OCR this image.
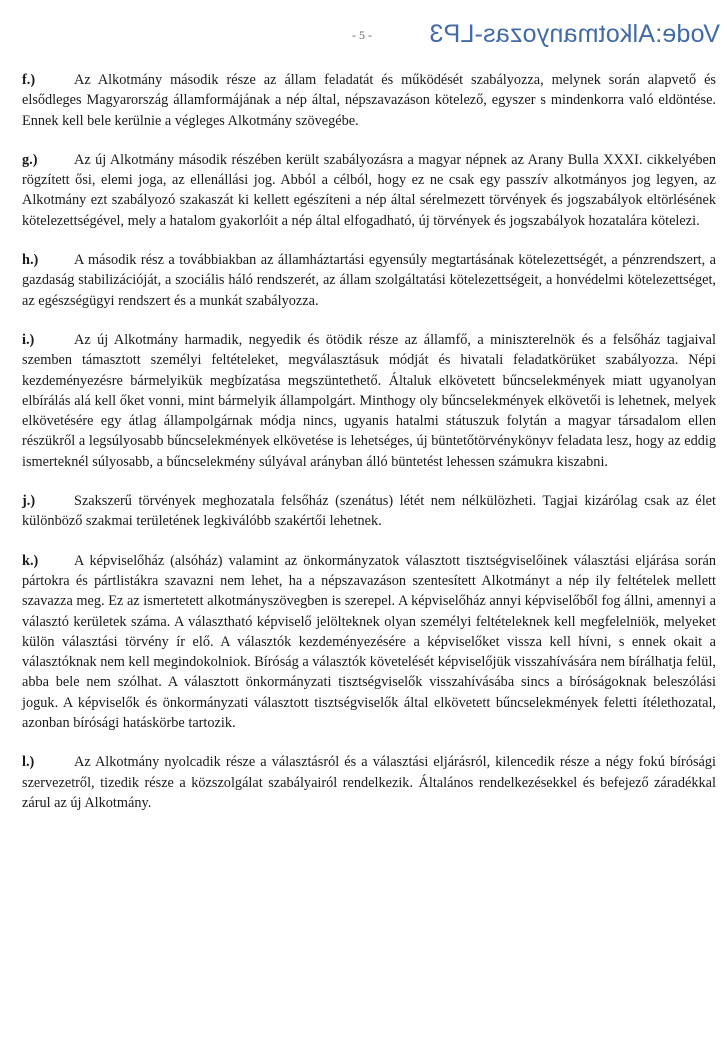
- 5 - Vode:Alkotmanyozas-LP3

f.)	Az Alkotmány második része az állam feladatát és működését szabályozza, melynek során alapvető és elsődleges Magyarország államformájának a nép által, népszavazáson kötelező, egyszer s mindenkorra való eldöntése. Ennek kell bele kerülnie a végleges Alkotmány szövegébe.

g.)	Az új Alkotmány második részében került szabályozásra a magyar népnek az Arany Bulla XXXI. cikkelyében rögzített ősi, elemi joga, az ellenállási jog. Abból a célból, hogy ez ne csak egy passzív alkotmányos jog legyen, az Alkotmány ezt szabályozó szakaszát ki kellett egészíteni a nép által sérelmezett törvények és jogszabályok eltörlésének kötelezettségével, mely a hatalom gyakorlóit a nép által elfogadható, új törvények és jogszabályok hozatalára kötelezi.

h.) A második rész a továbbiakban az államháztartási egyensúly megtartásának kötelezettségét, a pénzrendszert, a gazdaság stabilizációját, a szociális háló rendszerét, az állam szolgáltatási kötelezettségeit, a honvédelmi kötelezettséget, az egészségügyi rendszert és a munkát szabályozza.

i.)	Az új Alkotmány harmadik, negyedik és ötödik része az államfő, a miniszterelnök és a felsőház tagjaival szemben támasztott személyi feltételeket, megválasztásuk módját és hivatali feladatkörüket szabályozza. Népi kezdeményezésre bármelyikük megbízatása megszüntethető. Általuk elkövetett bűncselekmények miatt ugyanolyan elbírálás alá kell őket vonni, mint bármelyik állampolgárt. Minthogy oly bűncselekmények elkövetői is lehetnek, melyek elkövetésére egy átlag állampolgárnak módja nincs, ugyanis hatalmi státuszuk folytán a magyar társadalom ellen részükről a legsúlyosabb bűncselekmények elkövetése is lehetséges, új büntetőtörvénykönyv feladata lesz, hogy az eddig ismerteknél súlyosabb, a bűncselekmény súlyával arányban álló büntetést lehessen számukra kiszabni.

j.)	Szakszerű törvények meghozatala felsőház (szenátus) létét nem nélkülözheti. Tagjai kizárólag csak az élet különböző szakmai területének legkiválóbb szakértői lehetnek.

k.) A képviselőház (alsóház) valamint az önkormányzatok választott tisztségviselőinek választási eljárása során pártokra és pártlistákra szavazni nem lehet, ha a népszavazáson szentesített Alkotmányt a nép ily feltételek mellett szavazza meg. Ez az ismertetett alkotmányszövegben is szerepel. A képviselőház annyi képviselőből fog állni, amennyi a választó kerületek száma. A választható képviselő jelölteknek olyan személyi feltételeknek kell megfelelniök, melyeket külön választási törvény ír elő. A választók kezdeményezésére a képviselőket vissza kell hívni, s ennek okait a választóknak nem kell megindokolniok. Bíróság a választók követelését képviselőjük visszahívására nem bírálhatja felül, abba bele nem szólhat. A választott önkormányzati tisztségviselők visszahívásába sincs a bíróságoknak beleszólási joguk. A képviselők és önkormányzati választott tisztségviselők által elkövetett bűncselekmények feletti ítélethozatal, azonban bírósági hatáskörbe tartozik.

l.)	Az Alkotmány nyolcadik része a választásról és a választási eljárásról, kilencedik része a négy fokú bírósági szervezetről, tizedik része a közszolgálat szabályairól rendelkezik. Általános rendelkezésekkel és befejező záradékkal zárul az új Alkotmány.
